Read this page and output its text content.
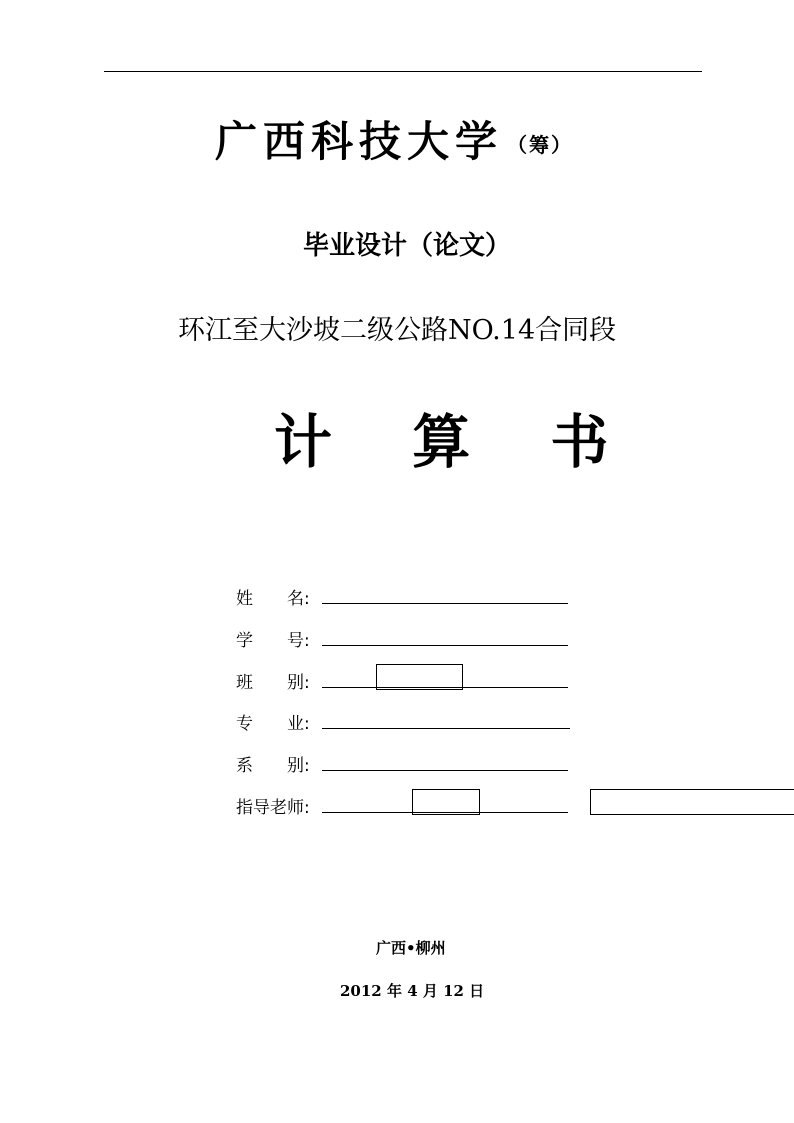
广西科技大学 （筹）
毕业设计（论文）
环江至大沙坡二级公路NO.14合同段
计 算 书
姓　　名:
学　　号:
班　　别:
专　　业:
系　　别:
指导老师:
广西•柳州
2012 年 4 月 12 日
